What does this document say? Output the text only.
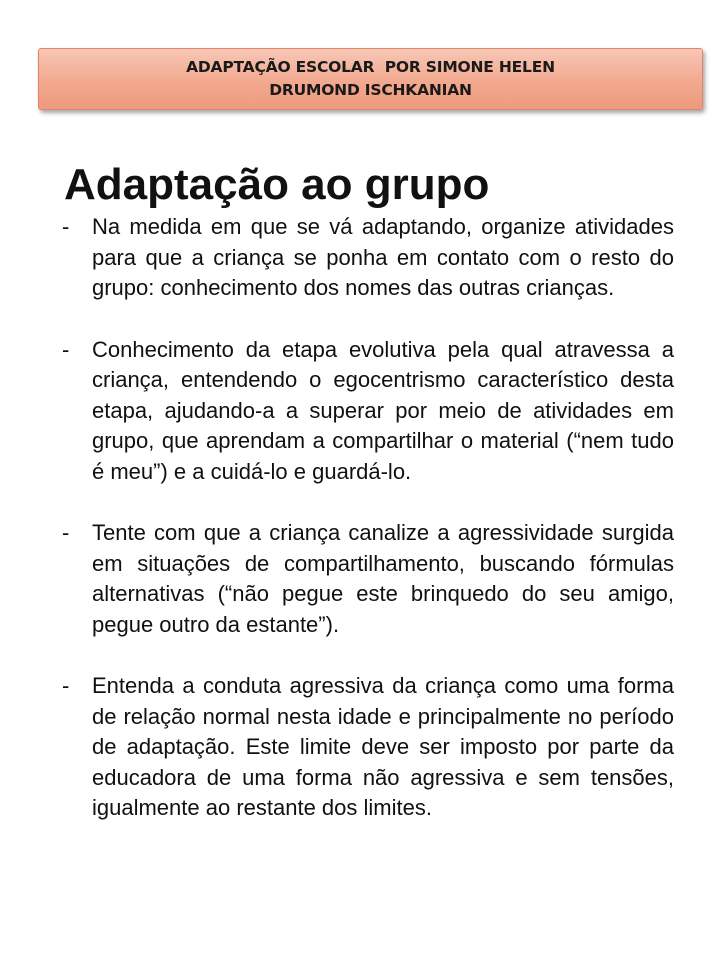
ADAPTAÇÃO ESCOLAR  POR SIMONE HELEN
DRUMOND ISCHKANIAN
Adaptação ao grupo
-	Na medida em que se vá adaptando, organize atividades para que a criança se ponha em contato com o resto do grupo: conhecimento dos nomes das outras crianças.
-	Conhecimento da etapa evolutiva pela qual atravessa a criança, entendendo o egocentrismo característico desta etapa, ajudando-a a superar por meio de atividades em grupo, que aprendam a compartilhar o material (“nem tudo é meu”) e a cuidá-lo e guardá-lo.
-	Tente com que a criança canalize a agressividade surgida em situações de compartilhamento, buscando fórmulas alternativas (“não pegue este brinquedo do seu amigo, pegue outro da estante”).
-	Entenda a conduta agressiva da criança como uma forma de relação normal nesta idade e principalmente no período de adaptação. Este limite deve ser imposto por parte da educadora de uma forma não agressiva e sem tensões, igualmente ao restante dos limites.
